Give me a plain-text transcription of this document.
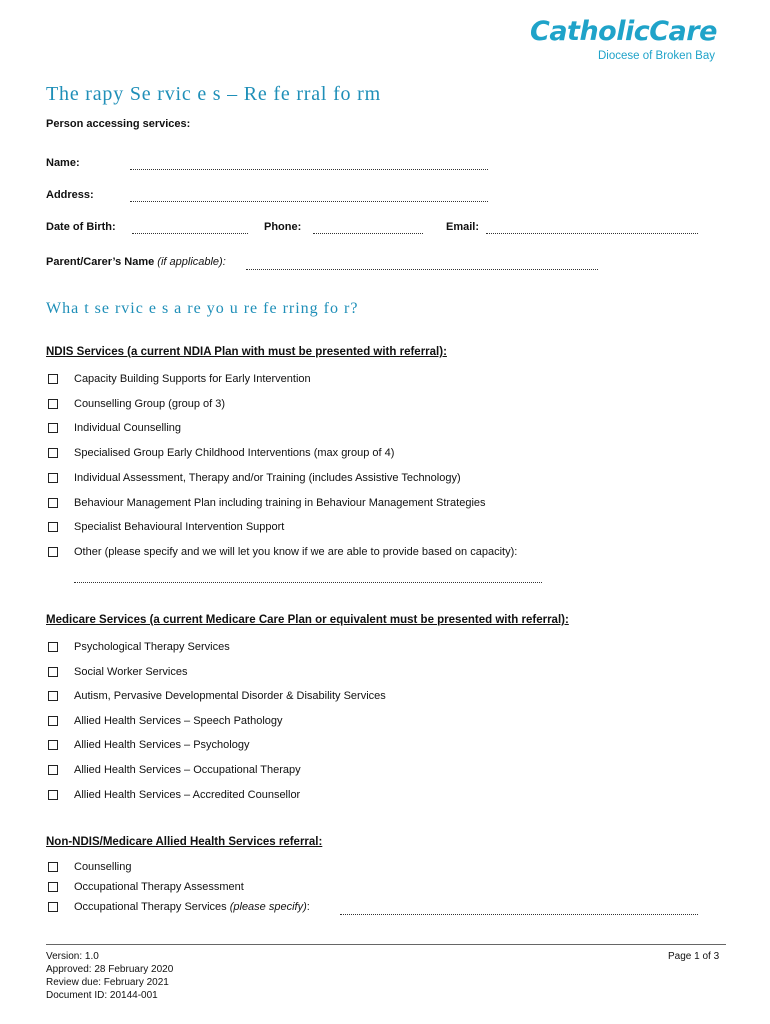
CatholicCare
Diocese of Broken Bay
The rapy Se rvic e s – Re fe rral fo rm
Person accessing services:
Name:
Address:
Date of Birth:	Phone:	Email:
Parent/Carer’s Name (if applicable):
Wha t se rvic e s a re yo u re fe rring fo r?
NDIS Services (a current NDIA Plan with must be presented with referral):
Capacity Building Supports for Early Intervention
Counselling Group (group of 3)
Individual Counselling
Specialised Group Early Childhood Interventions (max group of 4)
Individual Assessment, Therapy and/or Training (includes Assistive Technology)
Behaviour Management Plan including training in Behaviour Management Strategies
Specialist Behavioural Intervention Support
Other (please specify and we will let you know if we are able to provide based on capacity):
Medicare Services (a current Medicare Care Plan or equivalent must be presented with referral):
Psychological Therapy Services
Social Worker Services
Autism, Pervasive Developmental Disorder & Disability Services
Allied Health Services – Speech Pathology
Allied Health Services – Psychology
Allied Health Services – Occupational Therapy
Allied Health Services – Accredited Counsellor
Non-NDIS/Medicare Allied Health Services referral:
Counselling
Occupational Therapy Assessment
Occupational Therapy Services (please specify):
Version: 1.0
Approved: 28 February 2020
Review due: February 2021
Document ID: 20144-001
Page 1 of 3
